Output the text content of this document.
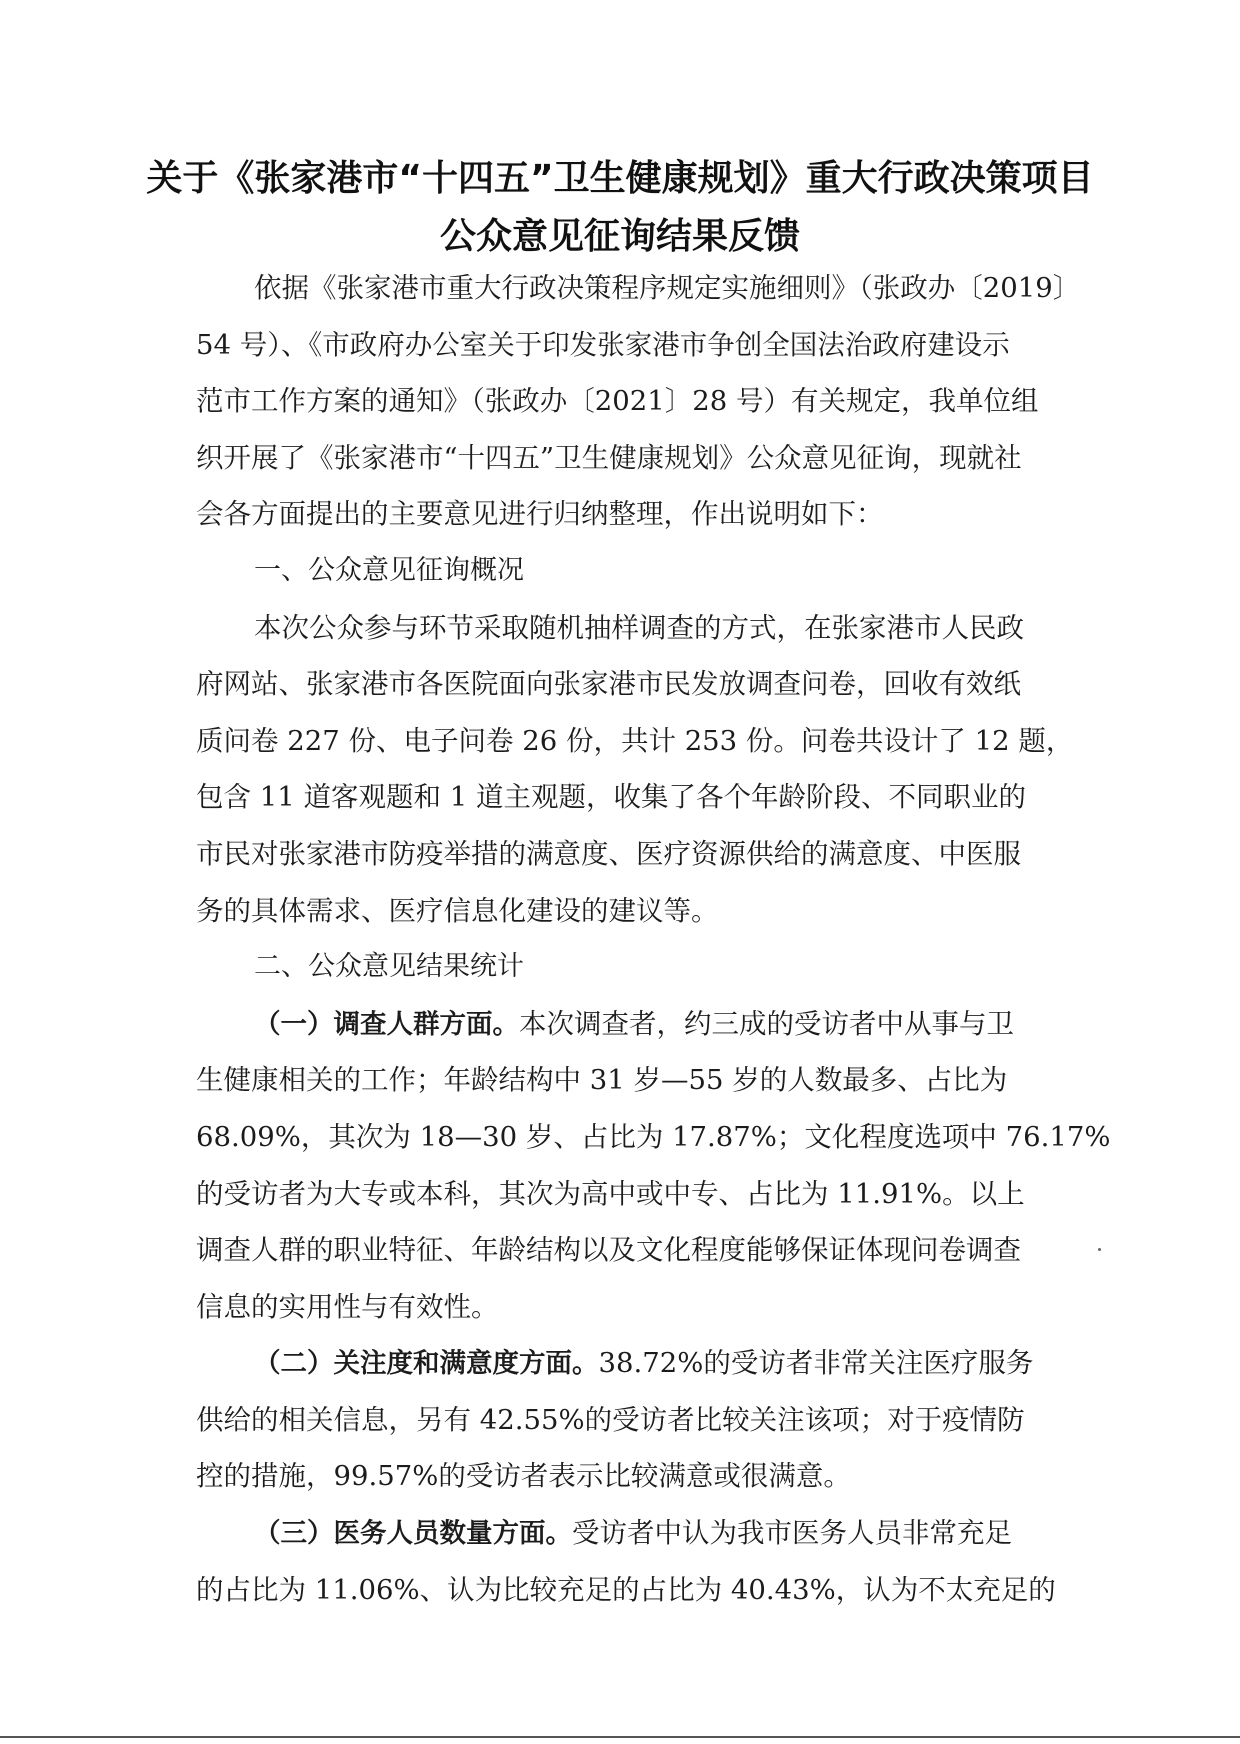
关于《张家港市“十四五”卫生健康规划》重大行政决策项目
公众意见征询结果反馈
依据《张家港市重大行政决策程序规定实施细则》（张政办〔2019〕
54 号）、《市政府办公室关于印发张家港市争创全国法治政府建设示
范市工作方案的通知》（张政办〔2021〕28 号）有关规定，我单位组
织开展了《张家港市“十四五”卫生健康规划》公众意见征询，现就社
会各方面提出的主要意见进行归纳整理，作出说明如下：
一、公众意见征询概况
本次公众参与环节采取随机抽样调查的方式，在张家港市人民政
府网站、张家港市各医院面向张家港市民发放调查问卷，回收有效纸
质问卷 227 份、电子问卷 26 份，共计 253 份。问卷共设计了 12 题，
包含 11 道客观题和 1 道主观题，收集了各个年龄阶段、不同职业的
市民对张家港市防疫举措的满意度、医疗资源供给的满意度、中医服
务的具体需求、医疗信息化建设的建议等。
二、公众意见结果统计
（一）调查人群方面。本次调查者，约三成的受访者中从事与卫
生健康相关的工作；年龄结构中 31 岁—55 岁的人数最多、占比为
68.09%，其次为 18—30 岁、占比为 17.87%；文化程度选项中 76.17%
的受访者为大专或本科，其次为高中或中专、占比为 11.91%。以上
调查人群的职业特征、年龄结构以及文化程度能够保证体现问卷调查
信息的实用性与有效性。
（二）关注度和满意度方面。38.72%的受访者非常关注医疗服务
供给的相关信息，另有 42.55%的受访者比较关注该项；对于疫情防
控的措施，99.57%的受访者表示比较满意或很满意。
（三）医务人员数量方面。受访者中认为我市医务人员非常充足
的占比为 11.06%、认为比较充足的占比为 40.43%，认为不太充足的
